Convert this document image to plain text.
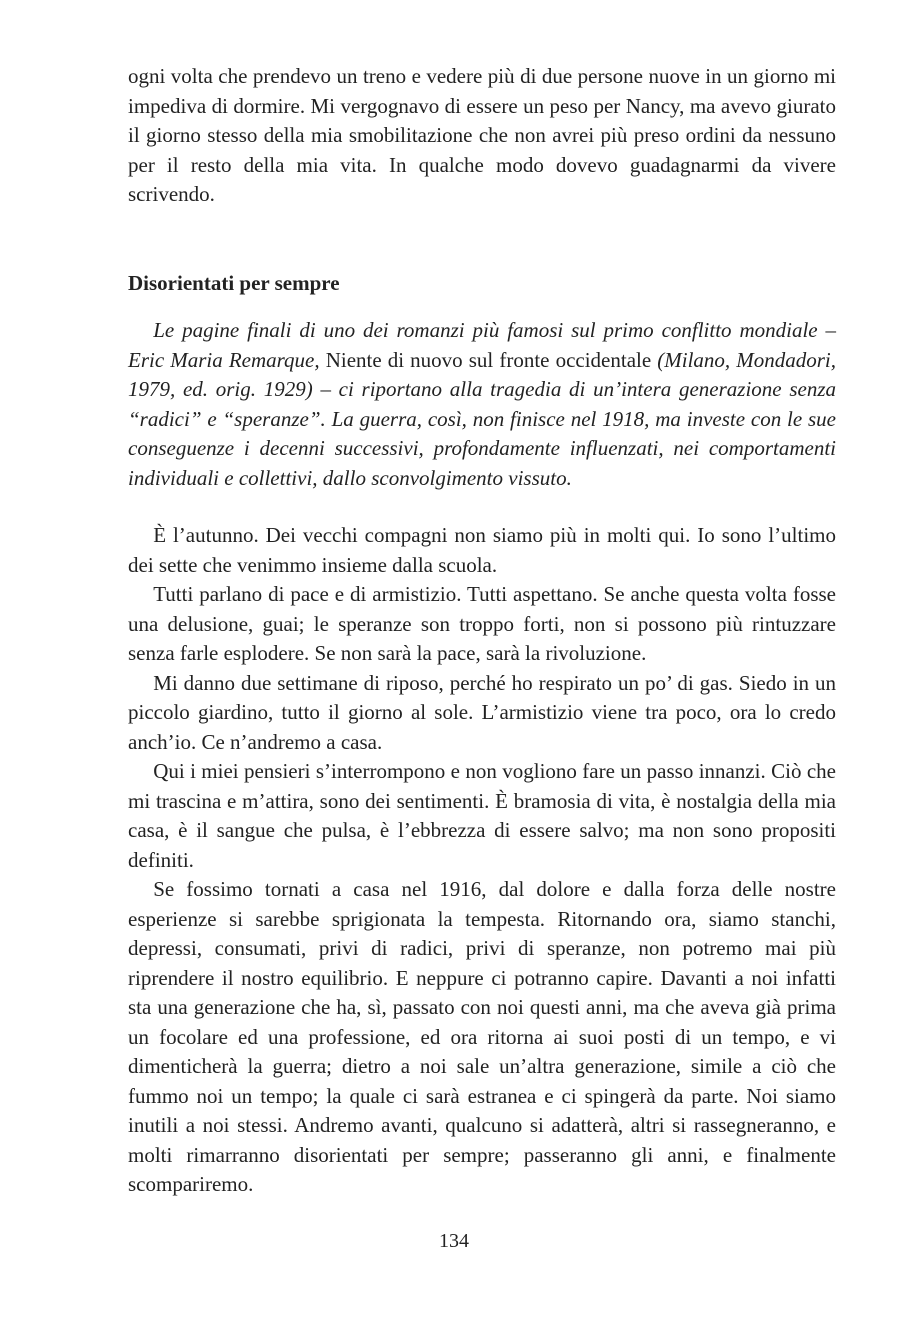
ogni volta che prendevo un treno e vedere più di due persone nuove in un giorno mi impediva di dormire. Mi vergognavo di essere un peso per Nancy, ma avevo giurato il giorno stesso della mia smobilitazione che non avrei più preso ordini da nessuno per il resto della mia vita. In qualche modo dovevo guadagnarmi da vivere scrivendo.

Disorientati per sempre

Le pagine finali di uno dei romanzi più famosi sul primo conflitto mondiale – Eric Maria Remarque, Niente di nuovo sul fronte occidentale (Milano, Mondadori, 1979, ed. orig. 1929) – ci riportano alla tragedia di un’intera generazione senza “radici” e “speranze”. La guerra, così, non finisce nel 1918, ma investe con le sue conseguenze i decenni successivi, profondamente influenzati, nei comportamenti individuali e collettivi, dallo sconvolgimento vissuto.

È l’autunno. Dei vecchi compagni non siamo più in molti qui. Io sono l’ultimo dei sette che venimmo insieme dalla scuola.

Tutti parlano di pace e di armistizio. Tutti aspettano. Se anche questa volta fosse una delusione, guai; le speranze son troppo forti, non si possono più rintuzzare senza farle esplodere. Se non sarà la pace, sarà la rivoluzione.

Mi danno due settimane di riposo, perché ho respirato un po’ di gas. Siedo in un piccolo giardino, tutto il giorno al sole. L’armistizio viene tra poco, ora lo credo anch’io. Ce n’andremo a casa.

Qui i miei pensieri s’interrompono e non vogliono fare un passo innanzi. Ciò che mi trascina e m’attira, sono dei sentimenti. È bramosia di vita, è nostalgia della mia casa, è il sangue che pulsa, è l’ebbrezza di essere salvo; ma non sono propositi definiti.

Se fossimo tornati a casa nel 1916, dal dolore e dalla forza delle nostre esperienze si sarebbe sprigionata la tempesta. Ritornando ora, siamo stanchi, depressi, consumati, privi di radici, privi di speranze, non potremo mai più riprendere il nostro equilibrio. E neppure ci potranno capire. Davanti a noi infatti sta una generazione che ha, sì, passato con noi questi anni, ma che aveva già prima un focolare ed una professione, ed ora ritorna ai suoi posti di un tempo, e vi dimenticherà la guerra; dietro a noi sale un’altra generazione, simile a ciò che fummo noi un tempo; la quale ci sarà estranea e ci spingerà da parte. Noi siamo inutili a noi stessi. Andremo avanti, qualcuno si adatterà, altri si rassegneranno, e molti rimarranno disorientati per sempre; passeranno gli anni, e finalmente scompariremo.

134
